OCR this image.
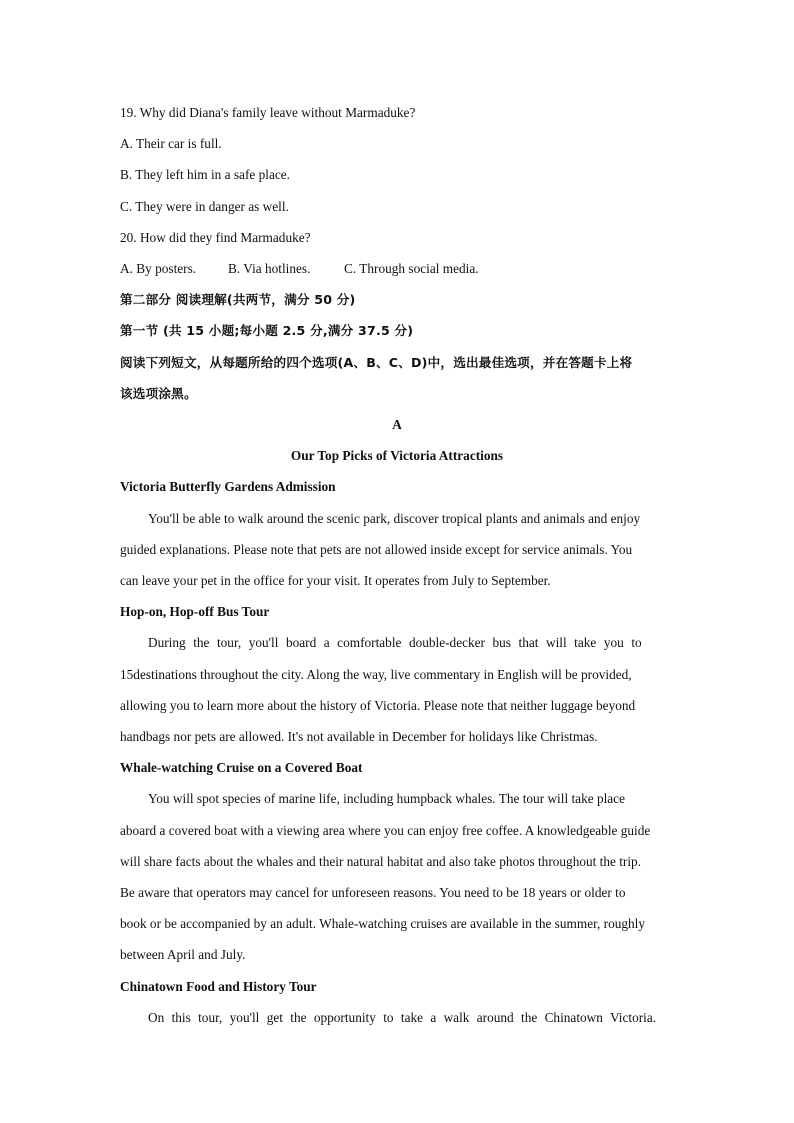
19. Why did Diana's family leave without Marmaduke?

A. Their car is full.

B. They left him in a safe place.

C. They were in danger as well.

20. How did they find Marmaduke?

A. By posters.	B. Via hotlines.	C. Through social media.

第二部分 阅读理解(共两节，满分 50 分)

第一节 (共 15 小题;每小题 2.5 分,满分 37.5 分)

阅读下列短文，从每题所给的四个选项(A、B、C、D)中，选出最佳选项，并在答题卡上将

该选项涂黑。

A

Our Top Picks of Victoria Attractions

Victoria Butterfly Gardens Admission

You'll be able to walk around the scenic park, discover tropical plants and animals and enjoy

guided explanations. Please note that pets are not allowed inside except for service animals. You

can leave your pet in the office for your visit. It operates from July to September.

Hop-on, Hop-off Bus Tour

During the tour, you'll board a comfortable double-decker bus that will take you to

15destinations throughout the city. Along the way, live commentary in English will be provided,

allowing you to learn more about the history of Victoria. Please note that neither luggage beyond

handbags nor pets are allowed. It's not available in December for holidays like Christmas.

Whale-watching Cruise on a Covered Boat

You will spot species of marine life, including humpback whales. The tour will take place

aboard a covered boat with a viewing area where you can enjoy free coffee. A knowledgeable guide

will share facts about the whales and their natural habitat and also take photos throughout the trip.

Be aware that operators may cancel for unforeseen reasons. You need to be 18 years or older to

book or be accompanied by an adult. Whale-watching cruises are available in the summer, roughly

between April and July.

Chinatown Food and History Tour

On this tour, you'll get the opportunity to take a walk around the Chinatown Victoria.
